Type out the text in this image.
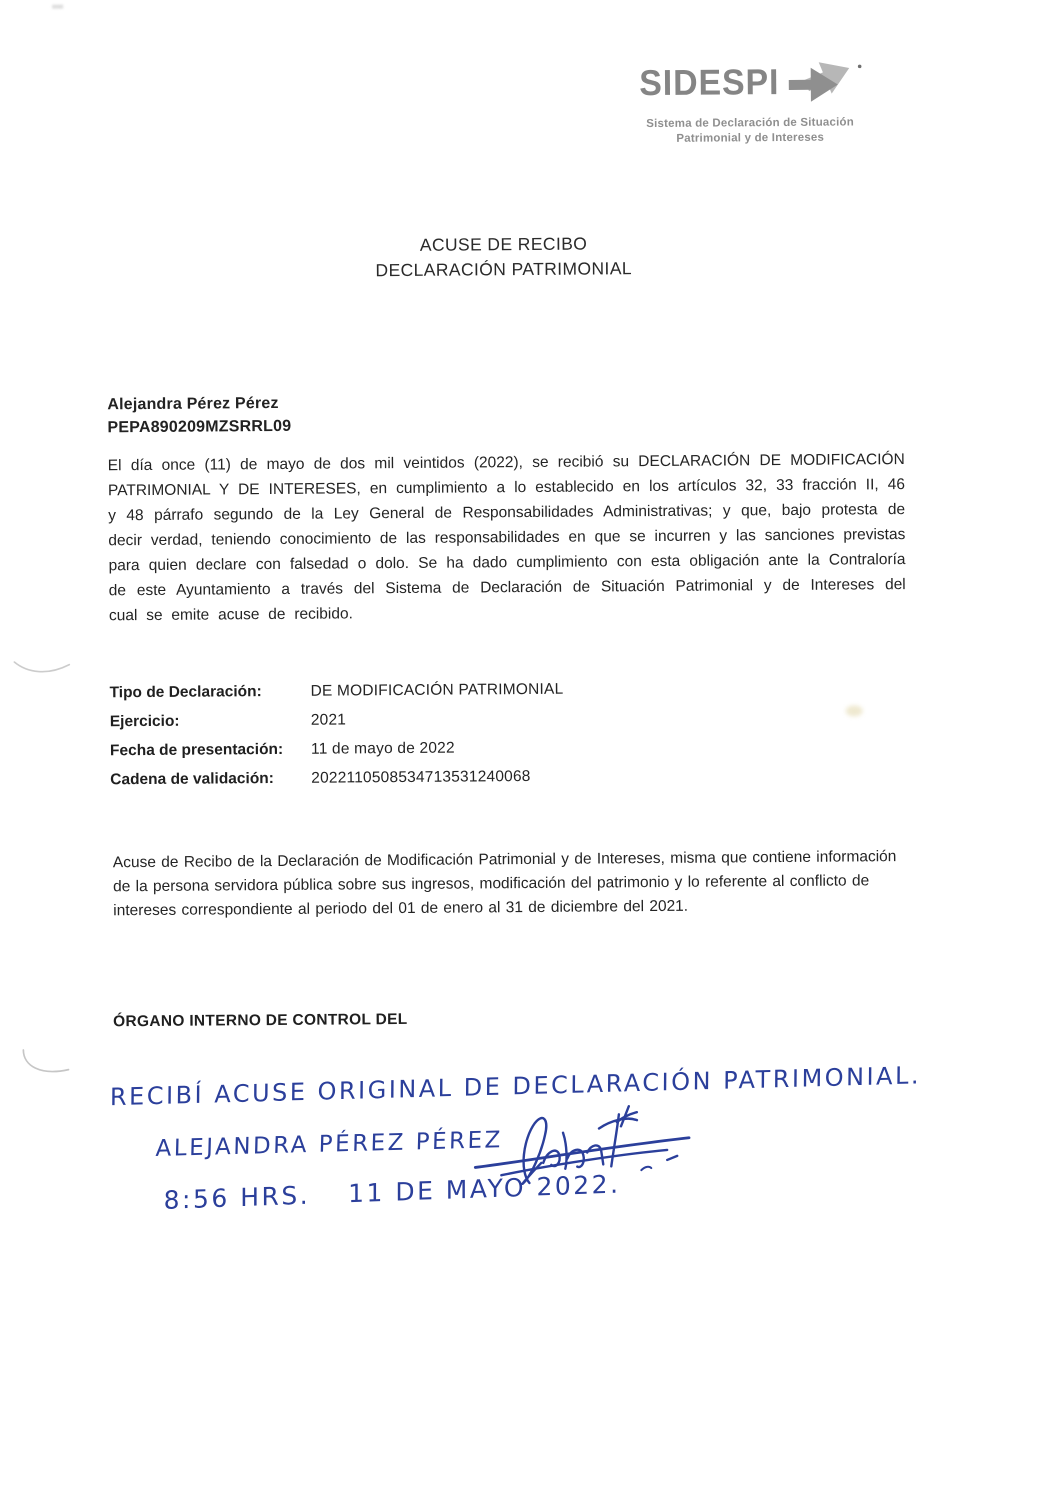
SIDESPI
Sistema de Declaración de Situación
Patrimonial y de Intereses
ACUSE DE RECIBO
DECLARACIÓN PATRIMONIAL
Alejandra Pérez Pérez
PEPA890209MZSRRL09

El día once (11) de mayo de dos mil veintidos (2022), se recibió su DECLARACIÓN DE MODIFICACIÓN PATRIMONIAL Y DE INTERESES, en cumplimiento a lo establecido en los artículos 32, 33 fracción II, 46 y 48 párrafo segundo de la Ley General de Responsabilidades Administrativas; y que, bajo protesta de decir verdad, teniendo conocimiento de las responsabilidades en que se incurren y las sanciones previstas para quien declare con falsedad o dolo. Se ha dado cumplimiento con esta obligación ante la Contraloría de este Ayuntamiento a través del Sistema de Declaración de Situación Patrimonial y de Intereses del cual se emite acuse de recibido.

Tipo de Declaración:	DE MODIFICACIÓN PATRIMONIAL
Ejercicio:	2021
Fecha de presentación:	11 de mayo de 2022
Cadena de validación:	2022110508534713531240068

Acuse de Recibo de la Declaración de Modificación Patrimonial y de Intereses, misma que contiene información de la persona servidora pública sobre sus ingresos, modificación del patrimonio y lo referente al conflicto de intereses correspondiente al periodo del 01 de enero al 31 de diciembre del 2021.

ÓRGANO INTERNO DE CONTROL DEL
RECIBÍ ACUSE ORIGINAL DE DECLARACIÓN PATRIMONIAL.
ALEJANDRA PÉREZ PÉREZ
8:56 HRS. 11 DE MAYO 2022.
